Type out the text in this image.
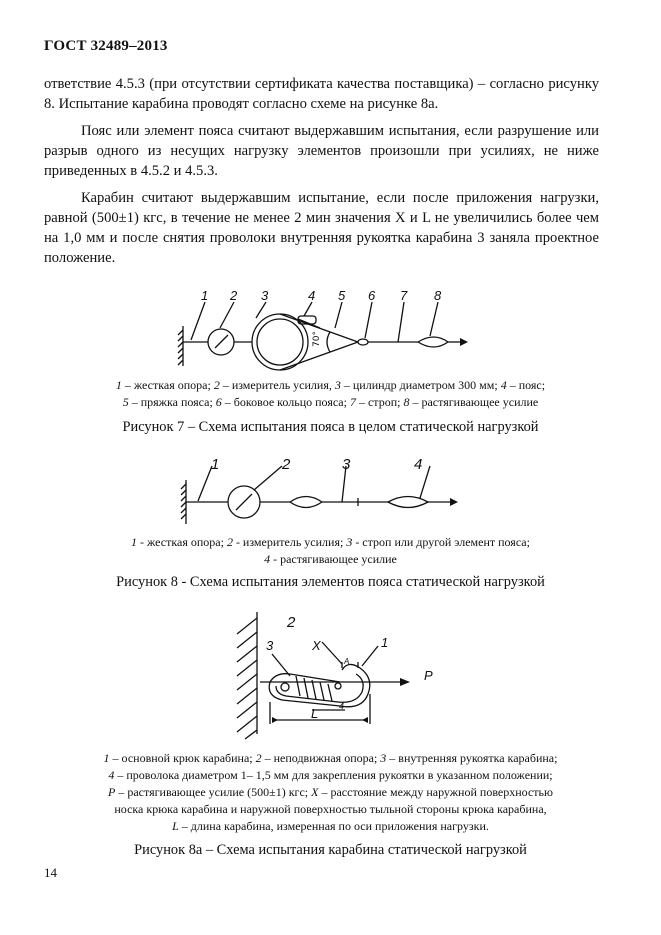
ГОСТ 32489–2013

ответствие 4.5.3 (при отсутствии сертификата качества поставщика) – согласно рисунку 8. Испытание карабина проводят согласно схеме на рисунке 8а.

Пояс или элемент пояса считают выдержавшим испытания, если разрушение или разрыв одного из несущих нагрузку элементов произошли при усилиях, не ниже приведенных в 4.5.2 и 4.5.3.

Карабин считают выдержавшим испытание, если после приложения нагрузки, равной (500±1) кгс, в течение не менее 2 мин значения X и L не увеличились более чем на 1,0 мм и после снятия проволоки внутренняя рукоятка карабина 3 заняла проектное положение.

1 2 3	4 5 6 7 8
70°
1 – жесткая опора; 2 – измеритель усилия, 3 – цилиндр диаметром 300 мм; 4 – пояс;
5 – пряжка пояса; 6 – боковое кольцо пояса; 7 – строп; 8 – растягивающее усилие
Рисунок 7 – Схема испытания пояса в целом статической нагрузкой
1	2	3	4
1 - жесткая опора; 2 - измеритель усилия; 3 - строп или другой элемент пояса;
4 - растягивающее усилие
Рисунок 8 - Схема испытания элементов пояса статической нагрузкой
2
3	X	1
P
L 4
A
1 – основной крюк карабина; 2 – неподвижная опора; 3 – внутренняя рукоятка карабина;
4 – проволока диаметром 1– 1,5 мм для закрепления рукоятки в указанном положении;
P – растягивающее усилие (500±1) кгс; X – расстояние между наружной поверхностью
носка крюка карабина и наружной поверхностью тыльной стороны крюка карабина,
L – длина карабина, измеренная по оси приложения нагрузки.
Рисунок 8а – Схема испытания карабина статической нагрузкой
14
